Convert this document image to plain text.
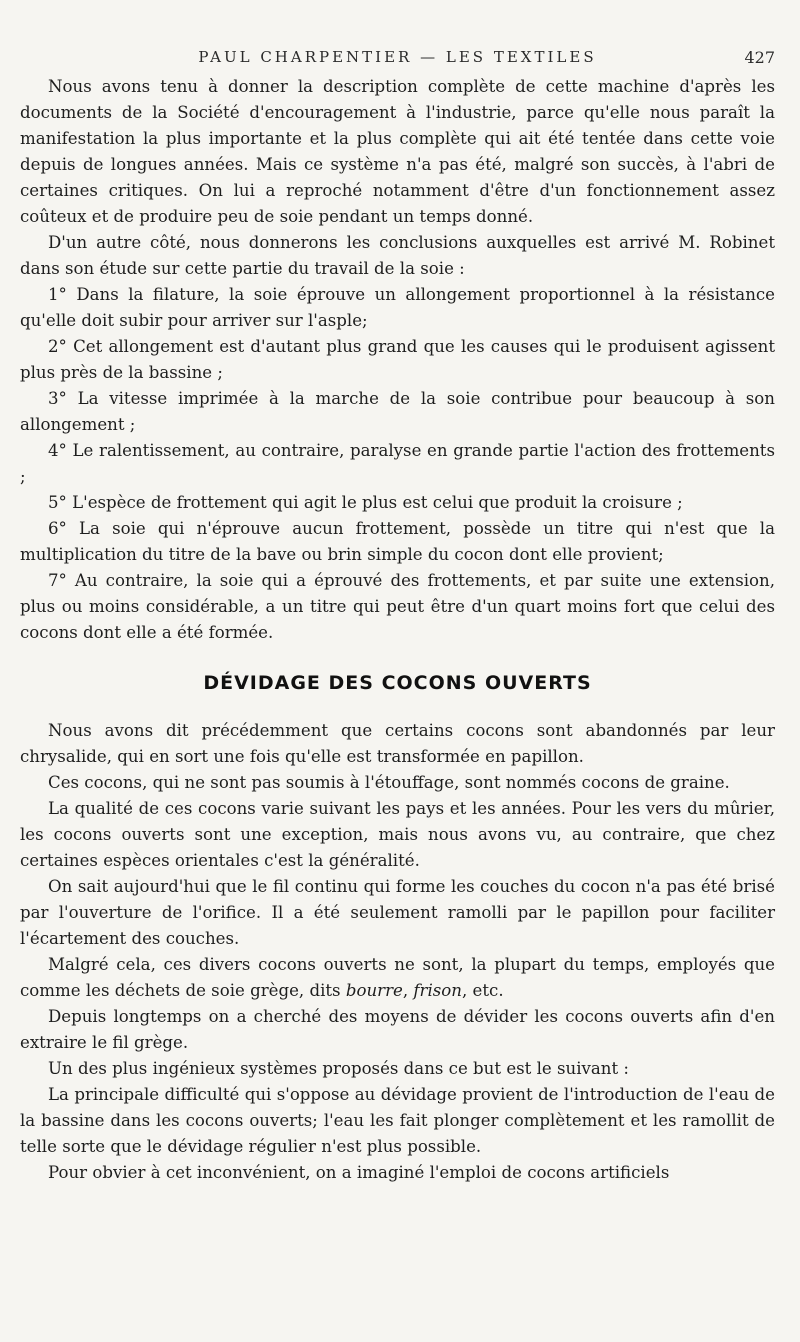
PAUL CHARPENTIER — LES TEXTILES	427

Nous avons tenu à donner la description complète de cette machine d'après les documents de la Société d'encouragement à l'industrie, parce qu'elle nous paraît la manifestation la plus importante et la plus complète qui ait été tentée dans cette voie depuis de longues années. Mais ce système n'a pas été, malgré son succès, à l'abri de certaines critiques. On lui a reproché notamment d'être d'un fonctionnement assez coûteux et de produire peu de soie pendant un temps donné.

D'un autre côté, nous donnerons les conclusions auxquelles est arrivé M. Robinet dans son étude sur cette partie du travail de la soie :

1° Dans la filature, la soie éprouve un allongement proportionnel à la résistance qu'elle doit subir pour arriver sur l'asple;

2° Cet allongement est d'autant plus grand que les causes qui le produisent agissent plus près de la bassine ;

3° La vitesse imprimée à la marche de la soie contribue pour beaucoup à son allongement ;

4° Le ralentissement, au contraire, paralyse en grande partie l'action des frottements ;

5° L'espèce de frottement qui agit le plus est celui que produit la croisure ;

6° La soie qui n'éprouve aucun frottement, possède un titre qui n'est que la multiplication du titre de la bave ou brin simple du cocon dont elle provient;

7° Au contraire, la soie qui a éprouvé des frottements, et par suite une extension, plus ou moins considérable, a un titre qui peut être d'un quart moins fort que celui des cocons dont elle a été formée.

DÉVIDAGE DES COCONS OUVERTS

Nous avons dit précédemment que certains cocons sont abandonnés par leur chrysalide, qui en sort une fois qu'elle est transformée en papillon.

Ces cocons, qui ne sont pas soumis à l'étouffage, sont nommés cocons de graine.

La qualité de ces cocons varie suivant les pays et les années. Pour les vers du mûrier, les cocons ouverts sont une exception, mais nous avons vu, au contraire, que chez certaines espèces orientales c'est la généralité.

On sait aujourd'hui que le fil continu qui forme les couches du cocon n'a pas été brisé par l'ouverture de l'orifice. Il a été seulement ramolli par le papillon pour faciliter l'écartement des couches.

Malgré cela, ces divers cocons ouverts ne sont, la plupart du temps, employés que comme les déchets de soie grège, dits bourre, frison, etc.

Depuis longtemps on a cherché des moyens de dévider les cocons ouverts afin d'en extraire le fil grège.

Un des plus ingénieux systèmes proposés dans ce but est le suivant :

La principale difficulté qui s'oppose au dévidage provient de l'introduction de l'eau de la bassine dans les cocons ouverts; l'eau les fait plonger complètement et les ramollit de telle sorte que le dévidage régulier n'est plus possible.

Pour obvier à cet inconvénient, on a imaginé l'emploi de cocons artificiels
